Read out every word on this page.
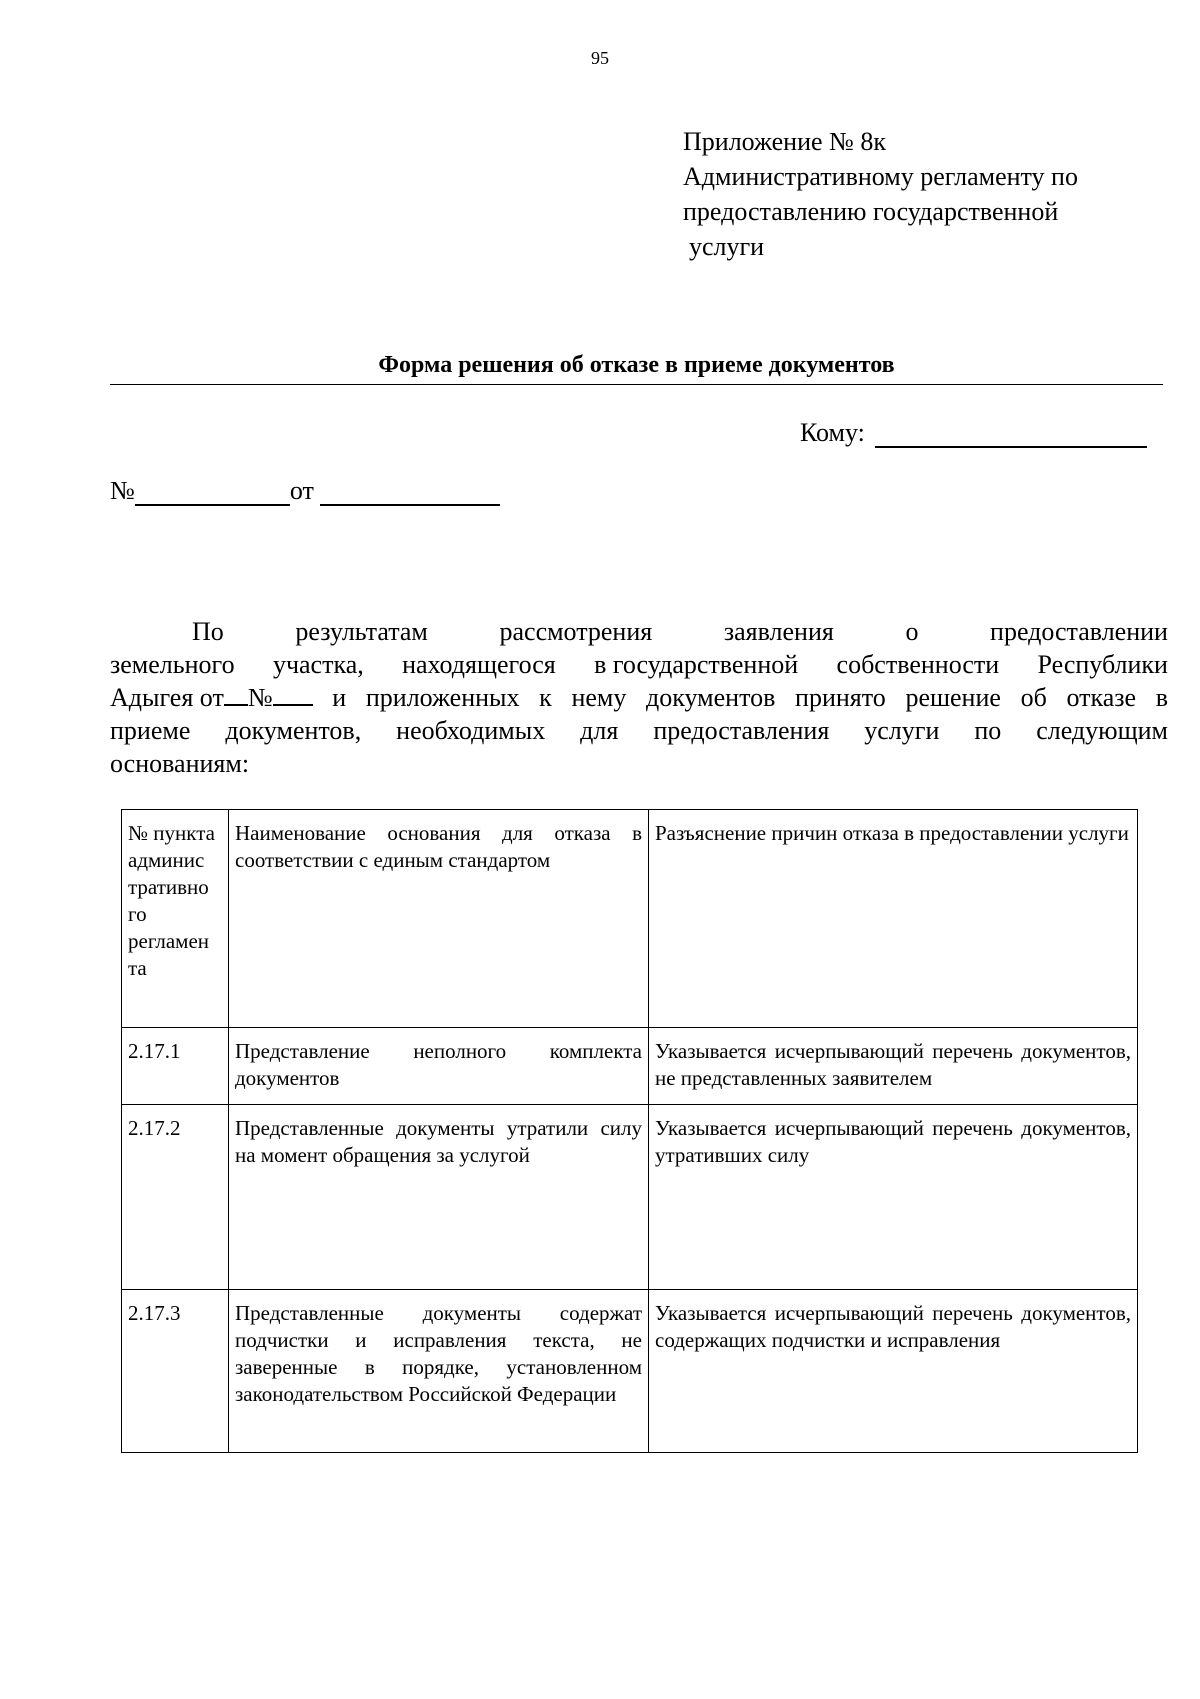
95
Приложение № 8к
Административному регламенту по
предоставлению государственной
услуги
Форма решения об отказе в приеме документов
Кому:
№	от
По	результатам	рассмотрения	заявления	о	предоставлении
земельного участка, находящегося в государственной собственности Республики
Адыгея от №	и приложенных к нему документов принято решение об отказе в
приеме документов, необходимых для предоставления услуги по следующим
основаниям:
№ пункта админис тративно го регламен та	Наименование основания для отказа в соответствии с единым стандартом	Разъяснение причин отказа в предоставлении услуги
2.17.1	Представление неполного комплекта документов	Указывается исчерпывающий перечень документов, не представленных заявителем
2.17.2	Представленные документы утратили силу на момент обращения за услугой	Указывается исчерпывающий перечень документов, утративших силу
2.17.3	Представленные документы содержат подчистки и исправления текста, не заверенные в порядке, установленном законодательством Российской Федерации	Указывается исчерпывающий перечень документов, содержащих подчистки и исправления
